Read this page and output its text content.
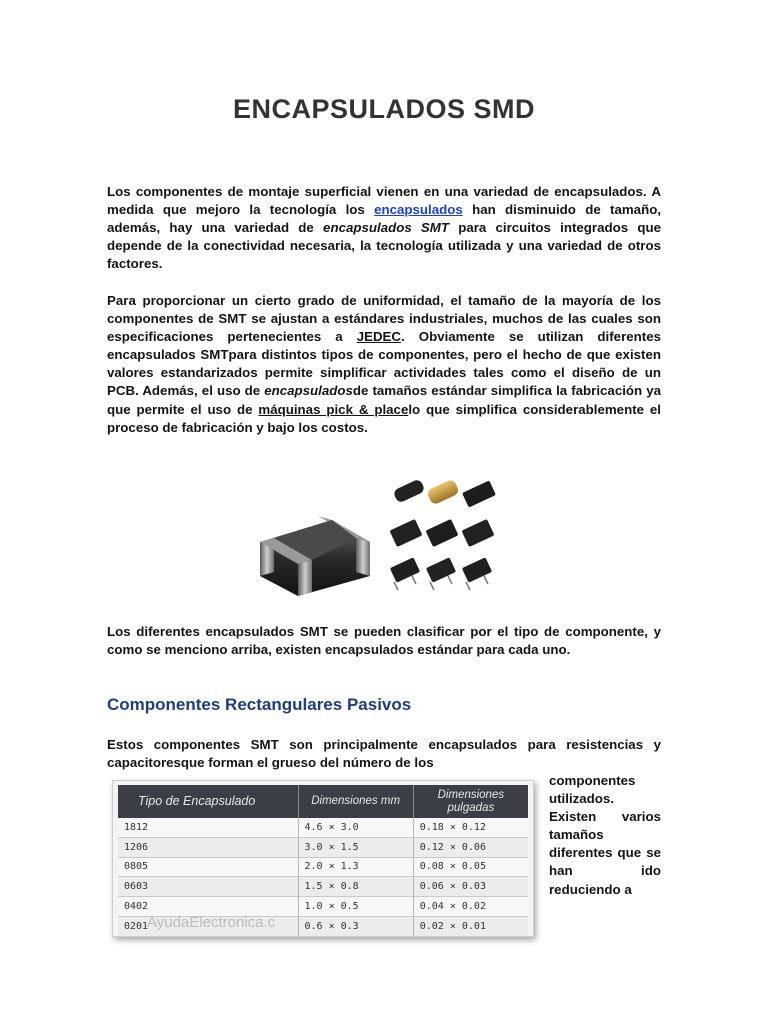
ENCAPSULADOS SMD
Los componentes de montaje superficial vienen en una variedad de encapsulados. A medida que mejoro la tecnología los encapsulados han disminuido de tamaño, además, hay una variedad de encapsulados SMT para circuitos integrados que depende de la conectividad necesaria, la tecnología utilizada y una variedad de otros factores.
Para proporcionar un cierto grado de uniformidad, el tamaño de la mayoría de los componentes de SMT se ajustan a estándares industriales, muchos de las cuales son especificaciones pertenecientes a JEDEC. Obviamente se utilizan diferentes encapsulados SMTpara distintos tipos de componentes, pero el hecho de que existen valores estandarizados permite simplificar actividades tales como el diseño de un PCB. Además, el uso de encapsuladosde tamaños estándar simplifica la fabricación ya que permite el uso de máquinas pick & placelo que simplifica considerablemente el proceso de fabricación y bajo los costos.
Los diferentes encapsulados SMT se pueden clasificar por el tipo de componente, y como se menciono arriba, existen encapsulados estándar para cada uno.
Componentes Rectangulares Pasivos
Estos componentes SMT son principalmente encapsulados para resistencias y capacitoresque forman el grueso del número de los
componentes utilizados. Existen varios tamaños diferentes que se han ido reduciendo a
Tipo de Encapsulado	Dimensiones mm	Dimensiones pulgadas
1812	4.6 × 3.0	0.18 × 0.12
1206	3.0 × 1.5	0.12 × 0.06
0805	2.0 × 1.3	0.08 × 0.05
0603	1.5 × 0.8	0.06 × 0.03
0402	1.0 × 0.5	0.04 × 0.02
0201	0.6 × 0.3	0.02 × 0.01
AyudaElectronica.c
